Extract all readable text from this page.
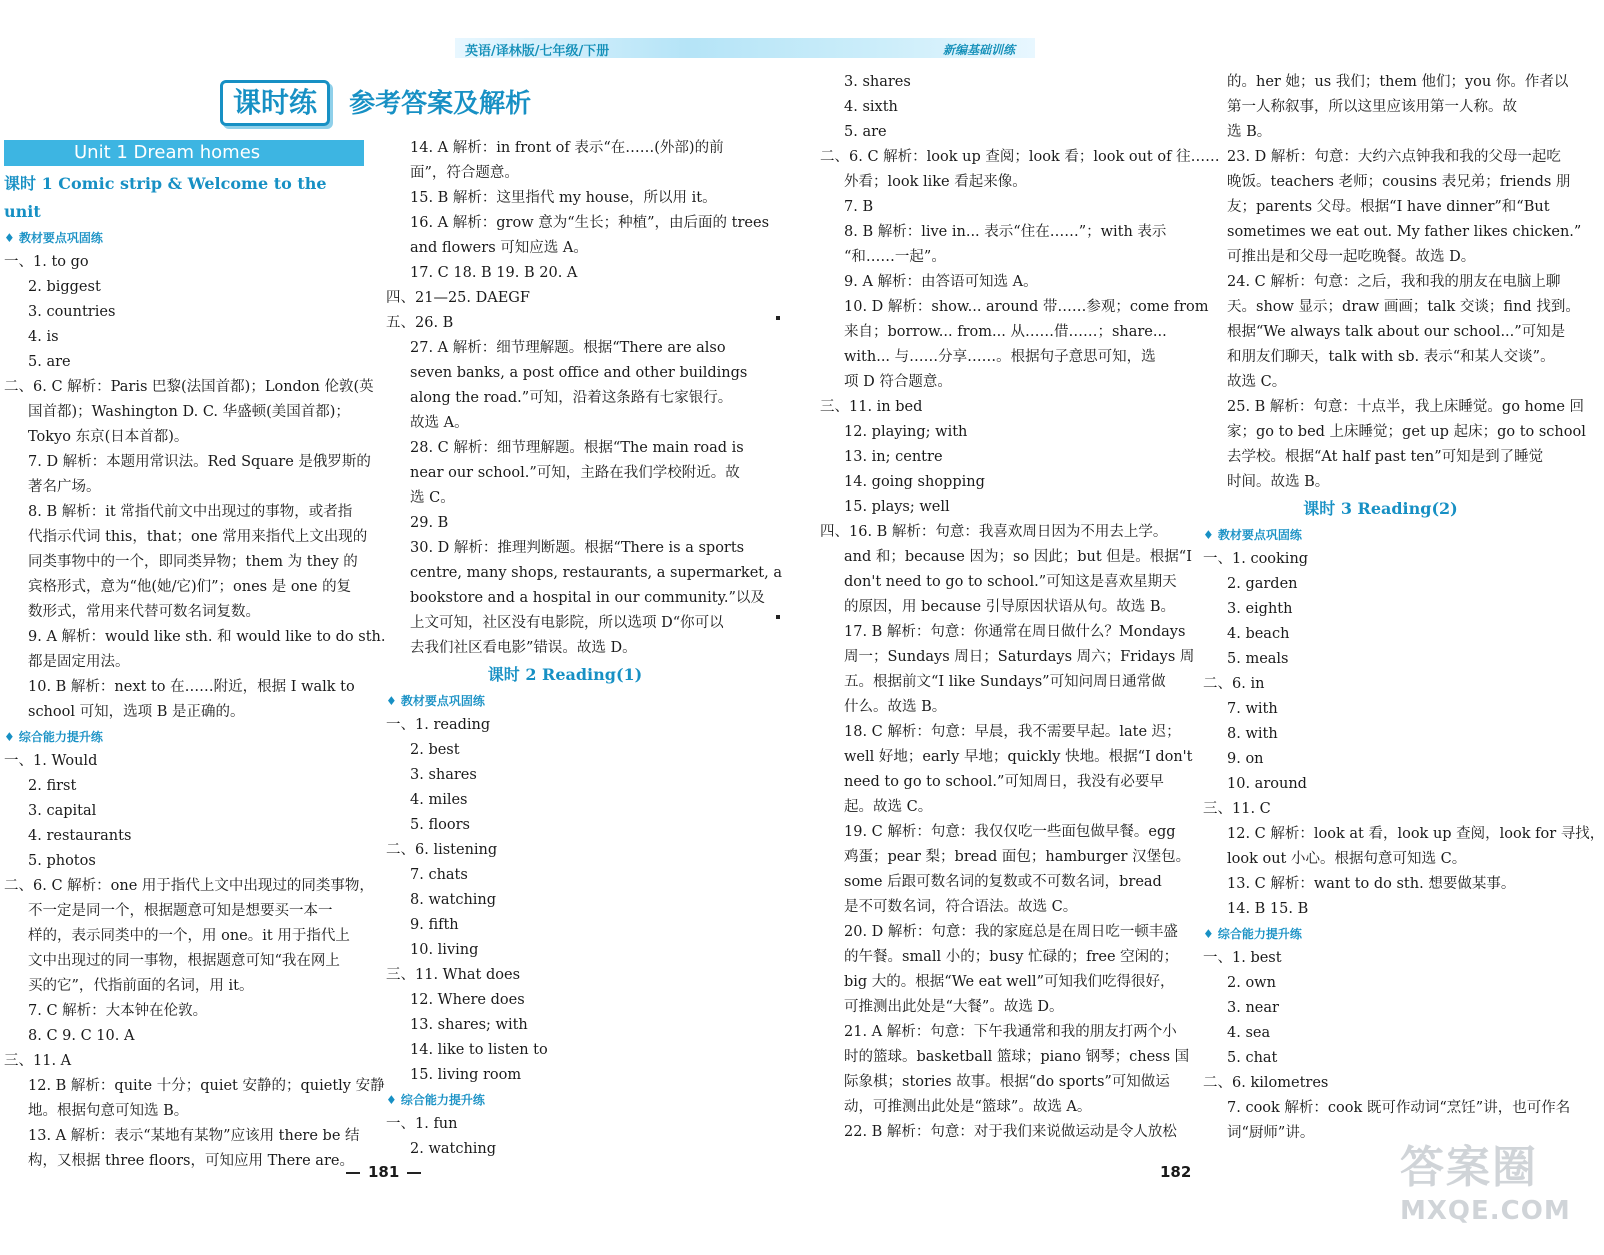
英语/译林版/七年级/下册	新编基础训练
课时练 参考答案及解析
Unit 1 Dream homes
课时 1 Comic strip & Welcome to the unit
♦ 教材要点巩固练
一、1. to go
2. biggest
3. countries
4. is
5. are
二、6. C 解析：Paris 巴黎(法国首都)；London 伦敦(英
国首都)；Washington D. C. 华盛顿(美国首都)；
Tokyo 东京(日本首都)。
7. D 解析：本题用常识法。Red Square 是俄罗斯的
著名广场。
8. B 解析：it 常指代前文中出现过的事物，或者指
代指示代词 this，that；one 常用来指代上文出现的
同类事物中的一个，即同类异物；them 为 they 的
宾格形式，意为“他(她/它)们”；ones 是 one 的复
数形式，常用来代替可数名词复数。
9. A 解析：would like sth. 和 would like to do sth.
都是固定用法。
10. B 解析：next to 在……附近，根据 I walk to
school 可知，选项 B 是正确的。
♦ 综合能力提升练
一、1. Would
2. first
3. capital
4. restaurants
5. photos
二、6. C 解析：one 用于指代上文中出现过的同类事物，
不一定是同一个，根据题意可知是想要买一本一
样的，表示同类中的一个，用 one。it 用于指代上
文中出现过的同一事物，根据题意可知“我在网上
买的它”，代指前面的名词，用 it。
7. C 解析：大本钟在伦敦。
8. C 9. C 10. A
三、11. A
12. B 解析：quite 十分；quiet 安静的；quietly 安静
地。根据句意可知选 B。
13. A 解析：表示“某地有某物”应该用 there be 结
构，又根据 three floors，可知应用 There are。
14. A 解析：in front of 表示“在……(外部)的前
面”，符合题意。
15. B 解析：这里指代 my house，所以用 it。
16. A 解析：grow 意为“生长；种植”，由后面的 trees
and flowers 可知应选 A。
17. C 18. B 19. B 20. A
四、21—25. DAEGF
五、26. B
27. A 解析：细节理解题。根据“There are also
seven banks, a post office and other buildings
along the road.”可知，沿着这条路有七家银行。
故选 A。
28. C 解析：细节理解题。根据“The main road is
near our school.”可知，主路在我们学校附近。故
选 C。
29. B
30. D 解析：推理判断题。根据“There is a sports
centre, many shops, restaurants, a supermarket, a
bookstore and a hospital in our community.”以及
上文可知，社区没有电影院，所以选项 D“你可以
去我们社区看电影”错误。故选 D。
课时 2 Reading(1)
♦ 教材要点巩固练
一、1. reading
2. best
3. shares
4. miles
5. floors
二、6. listening
7. chats
8. watching
9. fifth
10. living
三、11. What does
12. Where does
13. shares; with
14. like to listen to
15. living room
♦ 综合能力提升练
一、1. fun
2. watching
3. shares
4. sixth
5. are
二、6. C 解析：look up 查阅；look 看；look out of 往……
外看；look like 看起来像。
7. B
8. B 解析：live in... 表示“住在……”；with 表示
“和……一起”。
9. A 解析：由答语可知选 A。
10. D 解析：show... around 带……参观；come from
来自；borrow... from... 从……借……；share...
with... 与……分享……。根据句子意思可知，选
项 D 符合题意。
三、11. in bed
12. playing; with
13. in; centre
14. going shopping
15. plays; well
四、16. B 解析：句意：我喜欢周日因为不用去上学。
and 和；because 因为；so 因此；but 但是。根据“I
don't need to go to school.”可知这是喜欢星期天
的原因，用 because 引导原因状语从句。故选 B。
17. B 解析：句意：你通常在周日做什么？Mondays
周一；Sundays 周日；Saturdays 周六；Fridays 周
五。根据前文“I like Sundays”可知问周日通常做
什么。故选 B。
18. C 解析：句意：早晨，我不需要早起。late 迟；
well 好地；early 早地；quickly 快地。根据“I don't
need to go to school.”可知周日，我没有必要早
起。故选 C。
19. C 解析：句意：我仅仅吃一些面包做早餐。egg
鸡蛋；pear 梨；bread 面包；hamburger 汉堡包。
some 后跟可数名词的复数或不可数名词，bread
是不可数名词，符合语法。故选 C。
20. D 解析：句意：我的家庭总是在周日吃一顿丰盛
的午餐。small 小的；busy 忙碌的；free 空闲的；
big 大的。根据“We eat well”可知我们吃得很好，
可推测出此处是“大餐”。故选 D。
21. A 解析：句意：下午我通常和我的朋友打两个小
时的篮球。basketball 篮球；piano 钢琴；chess 国
际象棋；stories 故事。根据“do sports”可知做运
动，可推测出此处是“篮球”。故选 A。
22. B 解析：句意：对于我们来说做运动是令人放松
的。her 她；us 我们；them 他们；you 你。作者以
第一人称叙事，所以这里应该用第一人称。故
选 B。
23. D 解析：句意：大约六点钟我和我的父母一起吃
晚饭。teachers 老师；cousins 表兄弟；friends 朋
友；parents 父母。根据“I have dinner”和“But
sometimes we eat out. My father likes chicken.”
可推出是和父母一起吃晚餐。故选 D。
24. C 解析：句意：之后，我和我的朋友在电脑上聊
天。show 显示；draw 画画；talk 交谈；find 找到。
根据“We always talk about our school...”可知是
和朋友们聊天，talk with sb. 表示“和某人交谈”。
故选 C。
25. B 解析：句意：十点半，我上床睡觉。go home 回
家；go to bed 上床睡觉；get up 起床；go to school
去学校。根据“At half past ten”可知是到了睡觉
时间。故选 B。
课时 3 Reading(2)
♦ 教材要点巩固练
一、1. cooking
2. garden
3. eighth
4. beach
5. meals
二、6. in
7. with
8. with
9. on
10. around
三、11. C
12. C 解析：look at 看，look up 查阅，look for 寻找，
look out 小心。根据句意可知选 C。
13. C 解析：want to do sth. 想要做某事。
14. B 15. B
♦ 综合能力提升练
一、1. best
2. own
3. near
4. sea
5. chat
二、6. kilometres
7. cook 解析：cook 既可作动词“烹饪”讲，也可作名
词“厨师”讲。
181	182	答案圈
MXQE.COM
